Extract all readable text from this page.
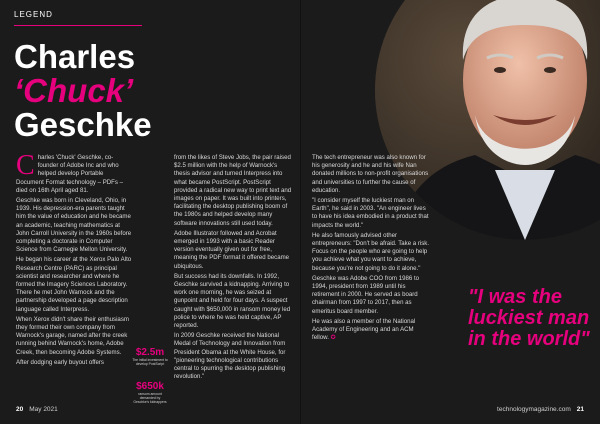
LEGEND
Charles
‘Chuck’
Geschke
C harles 'Chuck' Geschke, co-founder of Adobe Inc and who helped develop Portable Document Format technology – PDFs – died on 16th April aged 81.

Geschke was born in Cleveland, Ohio, in 1939. His depression-era parents taught him the value of education and he became an academic, teaching mathematics at John Carroll University in the 1960s before completing a doctorate in Computer Science from Carnegie Mellon University.

He began his career at the Xerox Palo Alto Research Centre (PARC) as principal scientist and researcher and where he formed the Imagery Sciences Laboratory. There he met John Warnock and the partnership developed a page description language called Interpress.

When Xerox didn't share their enthusiasm they formed their own company from Warnock's garage, named after the creek running behind Warnock's home, Adobe Creek, then becoming Adobe Systems.

After dodging early buyout offers

$2.5m
The initial investment to develop PostScript
$650k
ransom amount demanded by Geschke's kidnappers

from the likes of Steve Jobs, the pair raised $2.5 million with the help of Warnock's thesis advisor and turned Interpress into what became PostScript. PostScript provided a radical new way to print text and images on paper. It was built into printers, facilitating the desktop publishing boom of the 1980s and helped develop many software innovations still used today.

Adobe Illustrator followed and Acrobat emerged in 1993 with a basic Reader version eventually given out for free, meaning the PDF format it offered became ubiquitous.

But success had its downfalls. In 1992, Geschke survived a kidnapping. Arriving to work one morning, he was seized at gunpoint and held for four days. A suspect caught with $650,000 in ransom money led police to where he was held captive, AP reported.

In 2009 Geschke received the National Medal of Technology and Innovation from President Obama at the White House, for "pioneering technological contributions central to spurring the desktop publishing revolution."

The tech entrepreneur was also known for his generosity and he and his wife Nan donated millions to non-profit organisations and universities to further the cause of education.

"I consider myself the luckiest man on Earth", he said in 2003. "An engineer lives to have his idea embodied in a product that impacts the world."

He also famously advised other entrepreneurs: "Don't be afraid. Take a risk. Focus on the people who are going to help you achieve what you want to achieve, because you're not going to do it alone."

Geschke was Adobe COO from 1986 to 1994, president from 1989 until his retirement in 2000. He served as board chairman from 1997 to 2017, then as emeritus board member.

He was also a member of the National Academy of Engineering and an ACM fellow. ✪

"I was the luckiest man in the world"
20 May 2021	technologymagazine.com 21
